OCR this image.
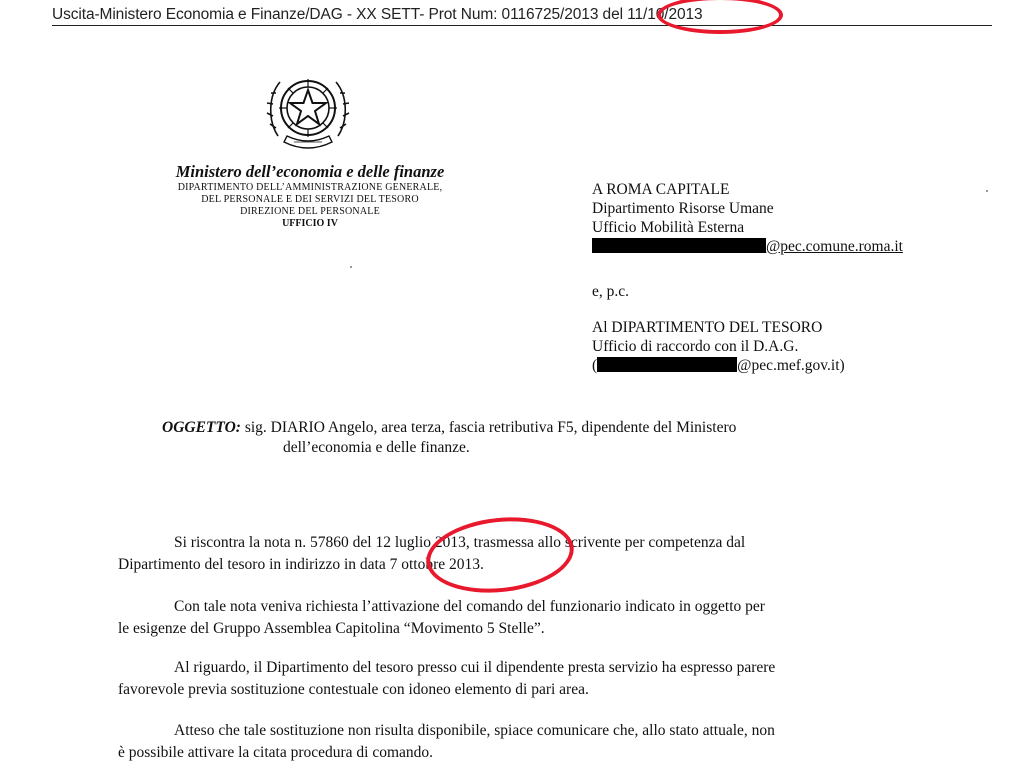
Uscita-Ministero Economia e Finanze/DAG - XX SETT- Prot Num: 0116725/2013 del 11/10/2013
Ministero dell’economia e delle finanze
DIPARTIMENTO DELL’AMMINISTRAZIONE GENERALE,
DEL PERSONALE E DEI SERVIZI DEL TESORO
DIREZIONE DEL PERSONALE
UFFICIO IV
A ROMA CAPITALE
Dipartimento Risorse Umane
Ufficio Mobilità Esterna
@pec.comune.roma.it
e, p.c.
Al DIPARTIMENTO DEL TESORO
Ufficio di raccordo con il D.A.G.
(	@pec.mef.gov.it)
OGGETTO: sig. DIARIO Angelo, area terza, fascia retributiva F5, dipendente del Ministero
dell’economia e delle finanze.
Si riscontra la nota n. 57860 del 12 luglio 2013, trasmessa allo scrivente per competenza dal
Dipartimento del tesoro in indirizzo in data 7 ottobre 2013.
Con tale nota veniva richiesta l’attivazione del comando del funzionario indicato in oggetto per
le esigenze del Gruppo Assemblea Capitolina “Movimento 5 Stelle”.
Al riguardo, il Dipartimento del tesoro presso cui il dipendente presta servizio ha espresso parere
favorevole previa sostituzione contestuale con idoneo elemento di pari area.
Atteso che tale sostituzione non risulta disponibile, spiace comunicare che, allo stato attuale, non
è possibile attivare la citata procedura di comando.
